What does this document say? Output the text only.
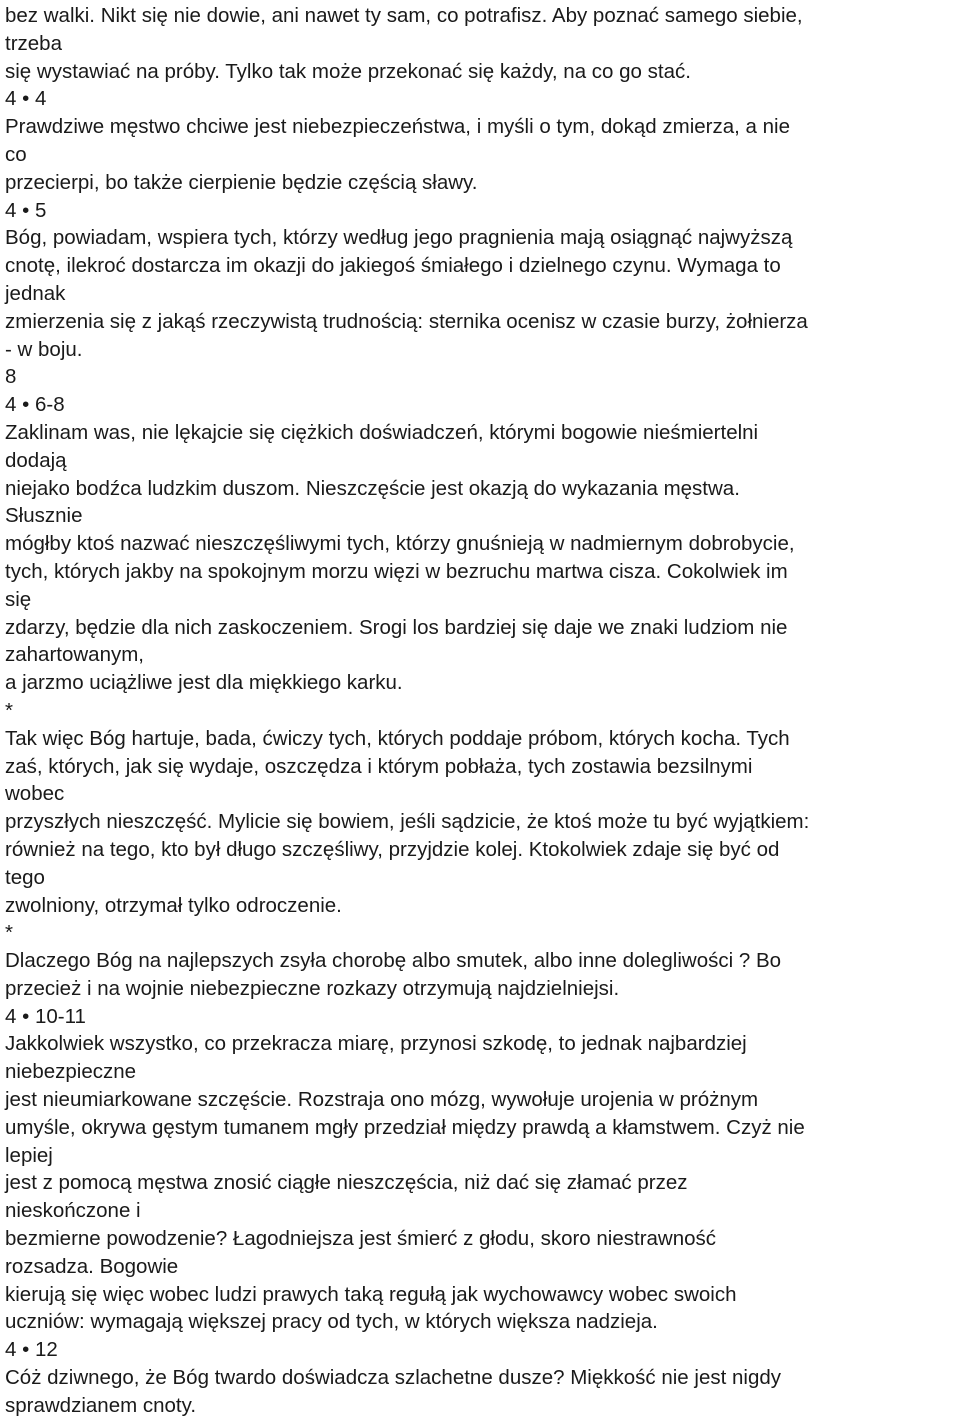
bez walki. Nikt się nie dowie, ani nawet ty sam, co potrafisz. Aby poznać samego siebie,
trzeba
się wystawiać na próby. Tylko tak może przekonać się każdy, na co go stać.
4 • 4
Prawdziwe męstwo chciwe jest niebezpieczeństwa, i myśli o tym, dokąd zmierza, a nie
co
przecierpi, bo także cierpienie będzie częścią sławy.
4 • 5
Bóg, powiadam, wspiera tych, którzy według jego pragnienia mają osiągnąć najwyższą
cnotę, ilekroć dostarcza im okazji do jakiegoś śmiałego i dzielnego czynu. Wymaga to
jednak
zmierzenia się z jakąś rzeczywistą trudnością: sternika ocenisz w czasie burzy, żołnierza
- w boju.
8
4 • 6-8
Zaklinam was, nie lękajcie się ciężkich doświadczeń, którymi bogowie nieśmiertelni
dodają
niejako bodźca ludzkim duszom. Nieszczęście jest okazją do wykazania męstwa.
Słusznie
mógłby ktoś nazwać nieszczęśliwymi tych, którzy gnuśnieją w nadmiernym dobrobycie,
tych, których jakby na spokojnym morzu więzi w bezruchu martwa cisza. Cokolwiek im
się
zdarzy, będzie dla nich zaskoczeniem. Srogi los bardziej się daje we znaki ludziom nie
zahartowanym,
a jarzmo uciążliwe jest dla miękkiego karku.
*
Tak więc Bóg hartuje, bada, ćwiczy tych, których poddaje próbom, których kocha. Tych
zaś, których, jak się wydaje, oszczędza i którym pobłaża, tych zostawia bezsilnymi
wobec
przyszłych nieszczęść. Mylicie się bowiem, jeśli sądzicie, że ktoś może tu być wyjątkiem:
również na tego, kto był długo szczęśliwy, przyjdzie kolej. Ktokolwiek zdaje się być od
tego
zwolniony, otrzymał tylko odroczenie.
*
Dlaczego Bóg na najlepszych zsyła chorobę albo smutek, albo inne dolegliwości ? Bo
przecież i na wojnie niebezpieczne rozkazy otrzymują najdzielniejsi.
4 • 10-11
Jakkolwiek wszystko, co przekracza miarę, przynosi szkodę, to jednak najbardziej
niebezpieczne
jest nieumiarkowane szczęście. Rozstraja ono mózg, wywołuje urojenia w próżnym
umyśle, okrywa gęstym tumanem mgły przedział między prawdą a kłamstwem. Czyż nie
lepiej
jest z pomocą męstwa znosić ciągłe nieszczęścia, niż dać się złamać przez
nieskończone i
bezmierne powodzenie? Łagodniejsza jest śmierć z głodu, skoro niestrawność
rozsadza. Bogowie
kierują się więc wobec ludzi prawych taką regułą jak wychowawcy wobec swoich
uczniów: wymagają większej pracy od tych, w których większa nadzieja.
4 • 12
Cóż dziwnego, że Bóg twardo doświadcza szlachetne dusze? Miękkość nie jest nigdy
sprawdzianem cnoty.
